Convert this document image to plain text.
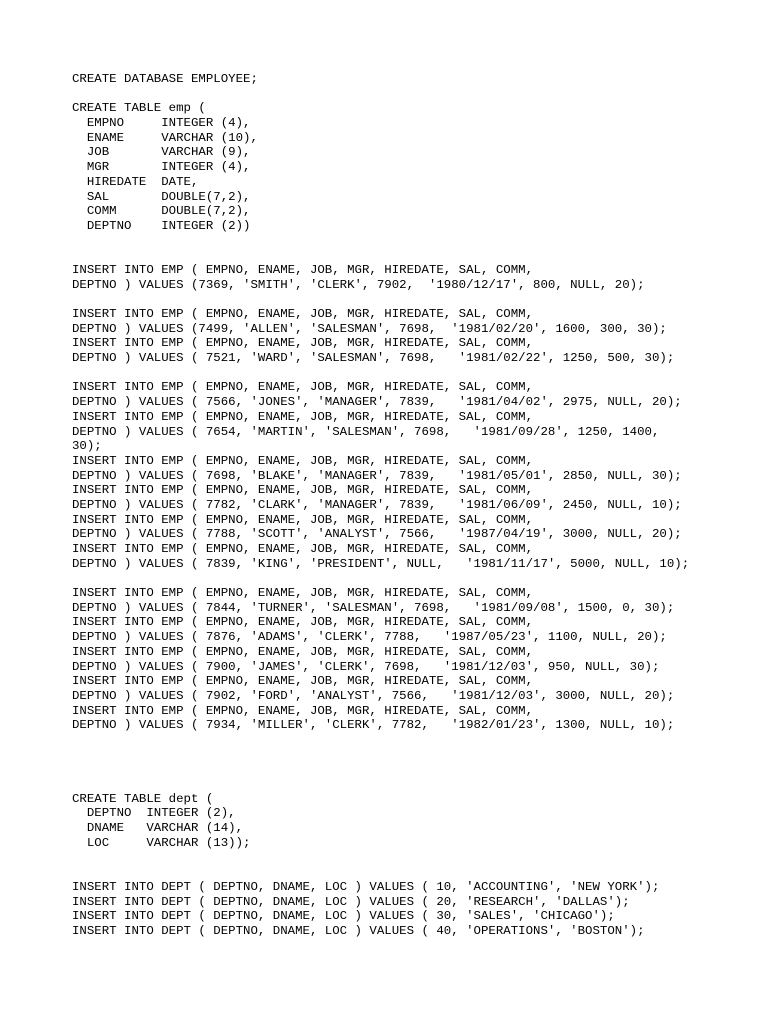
CREATE DATABASE EMPLOYEE;
CREATE TABLE emp (
EMPNO     INTEGER (4),
ENAME     VARCHAR (10),
JOB       VARCHAR (9),
MGR       INTEGER (4),
HIREDATE  DATE,
SAL       DOUBLE(7,2),
COMM      DOUBLE(7,2),
DEPTNO    INTEGER (2))
INSERT INTO EMP ( EMPNO, ENAME, JOB, MGR, HIREDATE, SAL, COMM,
DEPTNO ) VALUES (7369, 'SMITH', 'CLERK', 7902,  '1980/12/17', 800, NULL, 20);
INSERT INTO EMP ( EMPNO, ENAME, JOB, MGR, HIREDATE, SAL, COMM,
DEPTNO ) VALUES (7499, 'ALLEN', 'SALESMAN', 7698,  '1981/02/20', 1600, 300, 30);
INSERT INTO EMP ( EMPNO, ENAME, JOB, MGR, HIREDATE, SAL, COMM,
DEPTNO ) VALUES ( 7521, 'WARD', 'SALESMAN', 7698,   '1981/02/22', 1250, 500, 30);
INSERT INTO EMP ( EMPNO, ENAME, JOB, MGR, HIREDATE, SAL, COMM,
DEPTNO ) VALUES ( 7566, 'JONES', 'MANAGER', 7839,   '1981/04/02', 2975, NULL, 20);
INSERT INTO EMP ( EMPNO, ENAME, JOB, MGR, HIREDATE, SAL, COMM,
DEPTNO ) VALUES ( 7654, 'MARTIN', 'SALESMAN', 7698,   '1981/09/28', 1250, 1400,
30);
INSERT INTO EMP ( EMPNO, ENAME, JOB, MGR, HIREDATE, SAL, COMM,
DEPTNO ) VALUES ( 7698, 'BLAKE', 'MANAGER', 7839,   '1981/05/01', 2850, NULL, 30);
INSERT INTO EMP ( EMPNO, ENAME, JOB, MGR, HIREDATE, SAL, COMM,
DEPTNO ) VALUES ( 7782, 'CLARK', 'MANAGER', 7839,   '1981/06/09', 2450, NULL, 10);
INSERT INTO EMP ( EMPNO, ENAME, JOB, MGR, HIREDATE, SAL, COMM,
DEPTNO ) VALUES ( 7788, 'SCOTT', 'ANALYST', 7566,   '1987/04/19', 3000, NULL, 20);
INSERT INTO EMP ( EMPNO, ENAME, JOB, MGR, HIREDATE, SAL, COMM,
DEPTNO ) VALUES ( 7839, 'KING', 'PRESIDENT', NULL,   '1981/11/17', 5000, NULL, 10);
INSERT INTO EMP ( EMPNO, ENAME, JOB, MGR, HIREDATE, SAL, COMM,
DEPTNO ) VALUES ( 7844, 'TURNER', 'SALESMAN', 7698,   '1981/09/08', 1500, 0, 30);
INSERT INTO EMP ( EMPNO, ENAME, JOB, MGR, HIREDATE, SAL, COMM,
DEPTNO ) VALUES ( 7876, 'ADAMS', 'CLERK', 7788,   '1987/05/23', 1100, NULL, 20);
INSERT INTO EMP ( EMPNO, ENAME, JOB, MGR, HIREDATE, SAL, COMM,
DEPTNO ) VALUES ( 7900, 'JAMES', 'CLERK', 7698,   '1981/12/03', 950, NULL, 30);
INSERT INTO EMP ( EMPNO, ENAME, JOB, MGR, HIREDATE, SAL, COMM,
DEPTNO ) VALUES ( 7902, 'FORD', 'ANALYST', 7566,   '1981/12/03', 3000, NULL, 20);
INSERT INTO EMP ( EMPNO, ENAME, JOB, MGR, HIREDATE, SAL, COMM,
DEPTNO ) VALUES ( 7934, 'MILLER', 'CLERK', 7782,   '1982/01/23', 1300, NULL, 10);
CREATE TABLE dept (
DEPTNO  INTEGER (2),
DNAME   VARCHAR (14),
LOC     VARCHAR (13));
INSERT INTO DEPT ( DEPTNO, DNAME, LOC ) VALUES ( 10, 'ACCOUNTING', 'NEW YORK');
INSERT INTO DEPT ( DEPTNO, DNAME, LOC ) VALUES ( 20, 'RESEARCH', 'DALLAS');
INSERT INTO DEPT ( DEPTNO, DNAME, LOC ) VALUES ( 30, 'SALES', 'CHICAGO');
INSERT INTO DEPT ( DEPTNO, DNAME, LOC ) VALUES ( 40, 'OPERATIONS', 'BOSTON');
